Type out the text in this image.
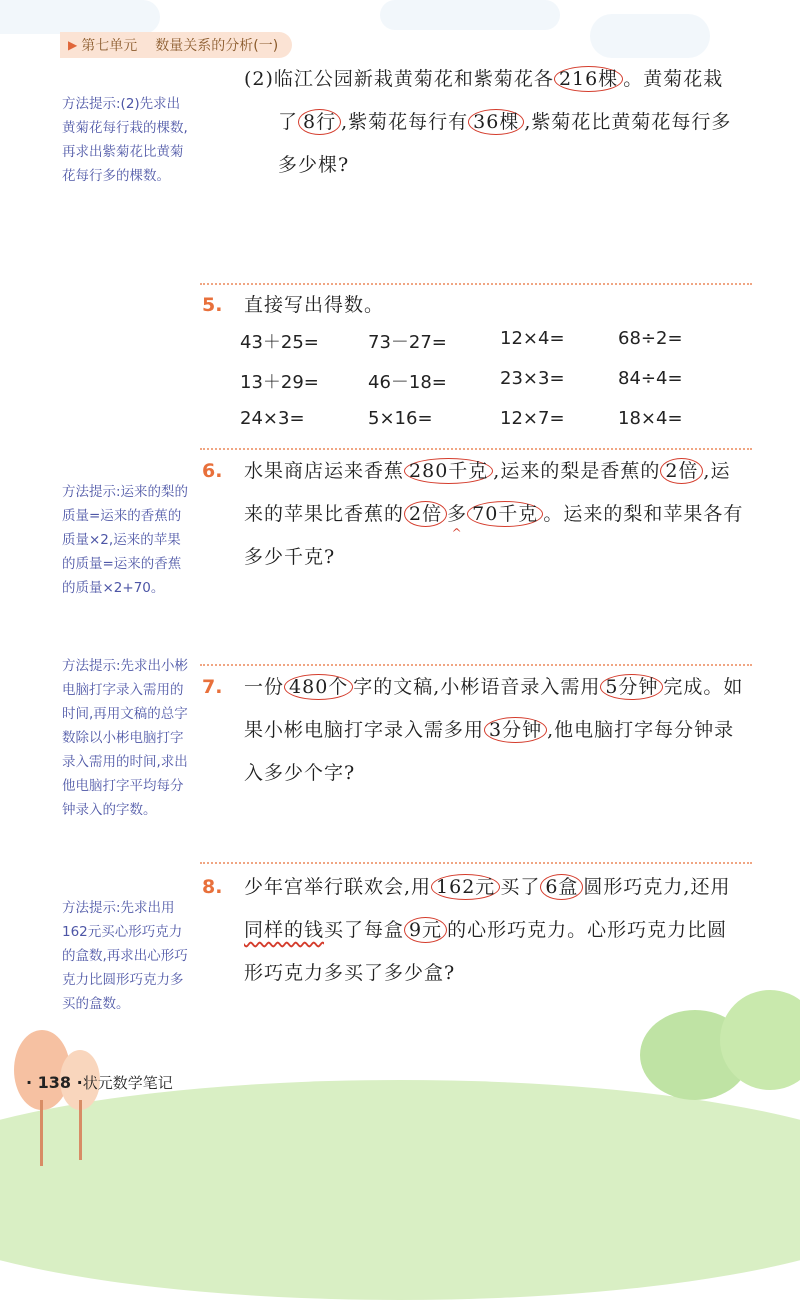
▶ 第七单元 数量关系的分析(一)
方法提示:(2)先求出黄菊花每行栽的棵数,再求出紫菊花比黄菊花每行多的棵数。
(2)临江公园新栽黄菊花和紫菊花各 216棵 。黄菊花栽
了 8行 ,紫菊花每行有 36棵 ,紫菊花比黄菊花每行多
多少棵?
5. 直接写出得数。
43＋25=	73－27=	12×4=	68÷2=
13＋29=	46－18=	23×3=	84÷4=
24×3=	5×16=	12×7=	18×4=
方法提示:运来的梨的质量=运来的香蕉的质量×2,运来的苹果的质量=运来的香蕉的质量×2+70。
6. 水果商店运来香蕉 280千克 ,运来的梨是香蕉的 2倍 ,运
来的苹果比香蕉的 2倍 多 ^ 70千克 。运来的梨和苹果各有
多少千克?
方法提示:先求出小彬电脑打字录入需用的时间,再用文稿的总字数除以小彬电脑打字录入需用的时间,求出他电脑打字平均每分钟录入的字数。
7. 一份 480个 字的文稿,小彬语音录入需用 5分钟 完成。如
果小彬电脑打字录入需多用 3分钟 ,他电脑打字每分钟录
入多少个字?
方法提示:先求出用162元买心形巧克力的盒数,再求出心形巧克力比圆形巧克力多买的盒数。
8. 少年宫举行联欢会,用 162元 买了 6盒 圆形巧克力,还用
同样的钱买了每盒 9元 的心形巧克力。心形巧克力比圆
形巧克力多买了多少盒?
· 138 ·状元数学笔记
